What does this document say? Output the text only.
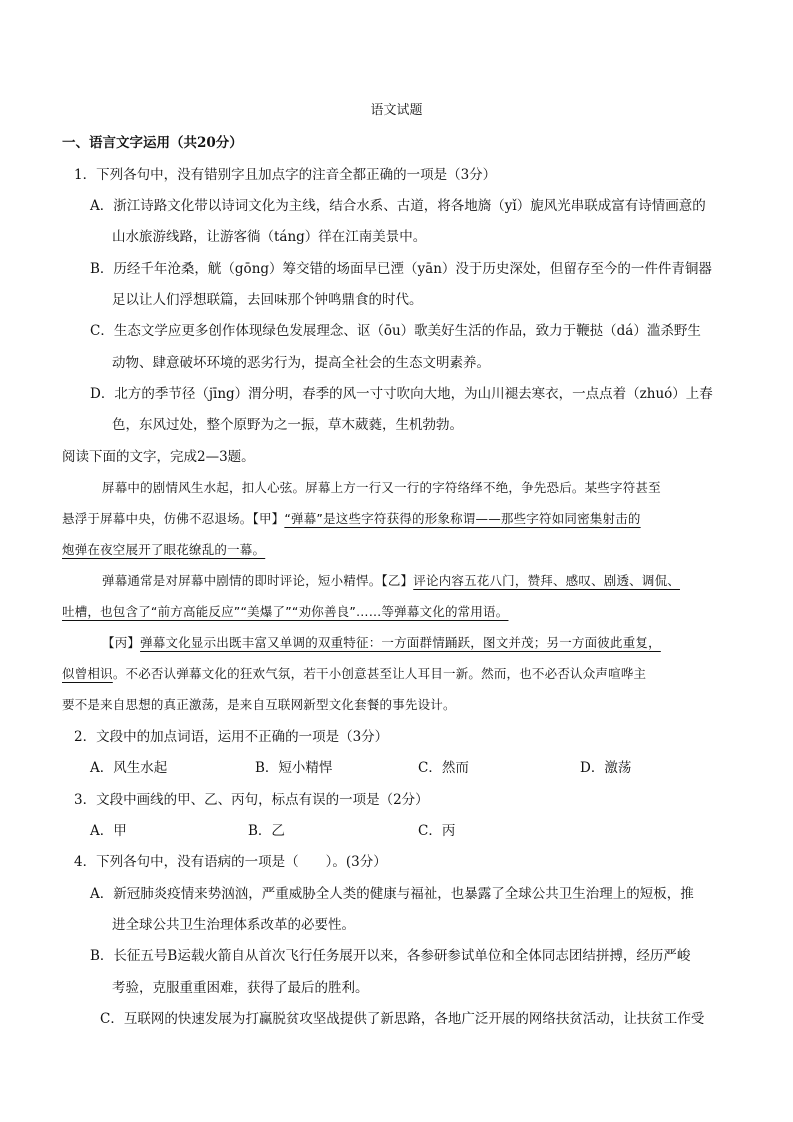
语文试题
一、语言文字运用（共20分）
1．下列各句中，没有错别字且加点字的注音全都正确的一项是（3分）
A．浙江诗路文化带以诗词文化为主线，结合水系、古道，将各地旖（yǐ）旎风光串联成富有诗情画意的
山水旅游线路，让游客徜（táng）徉在江南美景中。
B．历经千年沧桑，觥（gōng）筹交错的场面早已湮（yān）没于历史深处，但留存至今的一件件青铜器
足以让人们浮想联篇，去回味那个钟鸣鼎食的时代。
C．生态文学应更多创作体现绿色发展理念、讴（ōu）歌美好生活的作品，致力于鞭挞（dá）滥杀野生
动物、肆意破坏环境的恶劣行为，提高全社会的生态文明素养。
D．北方的季节径（jīng）渭分明，春季的风一寸寸吹向大地，为山川褪去寒衣，一点点着（zhuó）上春
色，东风过处，整个原野为之一振，草木葳蕤，生机勃勃。
阅读下面的文字，完成2—3题。
屏幕中的剧情风生水起，扣人心弦。屏幕上方一行又一行的字符络绎不绝，争先恐后。某些字符甚至
悬浮于屏幕中央，仿佛不忍退场。【甲】“弹幕”是这些字符获得的形象称谓——那些字符如同密集射击的
炮弹在夜空展开了眼花缭乱的一幕。
弹幕通常是对屏幕中剧情的即时评论，短小精悍。【乙】评论内容五花八门，赞拜、感叹、剧透、调侃、
吐槽，也包含了“前方高能反应”“美爆了”“劝你善良”……等弹幕文化的常用语。
【丙】弹幕文化显示出既丰富又单调的双重特征：一方面群情踊跃，图文并茂；另一方面彼此重复，
似曾相识。不必否认弹幕文化的狂欢气氛，若干小创意甚至让人耳目一新。然而，也不必否认众声喧哗主
要不是来自思想的真正激荡，是来自互联网新型文化套餐的事先设计。
2．文段中的加点词语，运用不正确的一项是（3分）
A．风生水起	B．短小精悍	C．然而	D．激荡
3．文段中画线的甲、乙、丙句，标点有误的一项是（2分）
A．甲	B．乙	C．丙
4．下列各句中，没有语病的一项是（　　）。(3分）
A．新冠肺炎疫情来势汹汹，严重威胁全人类的健康与福祉，也暴露了全球公共卫生治理上的短板，推
进全球公共卫生治理体系改革的必要性。
B．长征五号B运载火箭自从首次飞行任务展开以来，各参研参试单位和全体同志团结拼搏，经历严峻
考验，克服重重困难，获得了最后的胜利。
C．互联网的快速发展为打赢脱贫攻坚战提供了新思路，各地广泛开展的网络扶贫活动，让扶贫工作受
